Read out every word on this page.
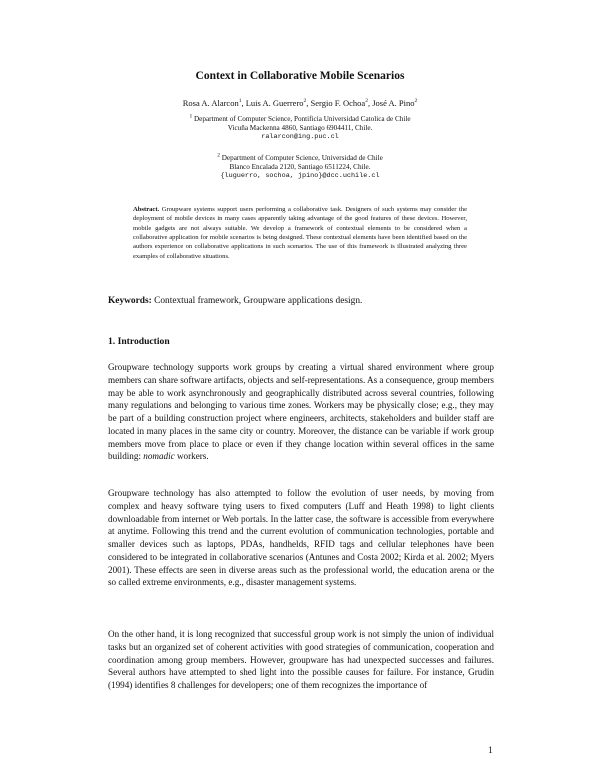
Context in Collaborative Mobile Scenarios
Rosa A. Alarcon$^1$, Luis A. Guerrero$^2$, Sergio F. Ochoa$^2$, José A. Pino$^2$
$^1$ Department of Computer Science, Pontificia Universidad Catolica de Chile
Vicuña Mackenna 4860, Santiago 6904411, Chile.
ralarcon@ing.puc.cl
$^2$ Department of Computer Science, Universidad de Chile
Blanco Encalada 2120, Santiago 6511224, Chile.
{luguerro, sochoa, jpino}@dcc.uchile.cl
Abstract. Groupware systems support users performing a collaborative task. Designers of such systems may consider the deployment of mobile devices in many cases apparently taking advantage of the good features of these devices. However, mobile gadgets are not always suitable. We develop a framework of contextual elements to be considered when a collaborative application for mobile scenarios is being designed. These contextual elements have been identified based on the authors experience on collaborative applications in such scenarios. The use of this framework is illustrated analyzing three examples of collaborative situations.
Keywords: Contextual framework, Groupware applications design.
1. Introduction
Groupware technology supports work groups by creating a virtual shared environment where group members can share software artifacts, objects and self-representations. As a consequence, group members may be able to work asynchronously and geographically distributed across several countries, following many regulations and belonging to various time zones. Workers may be physically close; e.g., they may be part of a building construction project where engineers, architects, stakeholders and builder staff are located in many places in the same city or country. Moreover, the distance can be variable if work group members move from place to place or even if they change location within several offices in the same building: nomadic workers.
Groupware technology has also attempted to follow the evolution of user needs, by moving from complex and heavy software tying users to fixed computers (Luff and Heath 1998) to light clients downloadable from internet or Web portals. In the latter case, the software is accessible from everywhere at anytime. Following this trend and the current evolution of communication technologies, portable and smaller devices such as laptops, PDAs, handhelds, RFID tags and cellular telephones have been considered to be integrated in collaborative scenarios (Antunes and Costa 2002; Kirda et al. 2002; Myers 2001). These effects are seen in diverse areas such as the professional world, the education arena or the so called extreme environments, e.g., disaster management systems.
On the other hand, it is long recognized that successful group work is not simply the union of individual tasks but an organized set of coherent activities with good strategies of communication, cooperation and coordination among group members. However, groupware has had unexpected successes and failures. Several authors have attempted to shed light into the possible causes for failure. For instance, Grudin (1994) identifies 8 challenges for developers; one of them recognizes the importance of
1
